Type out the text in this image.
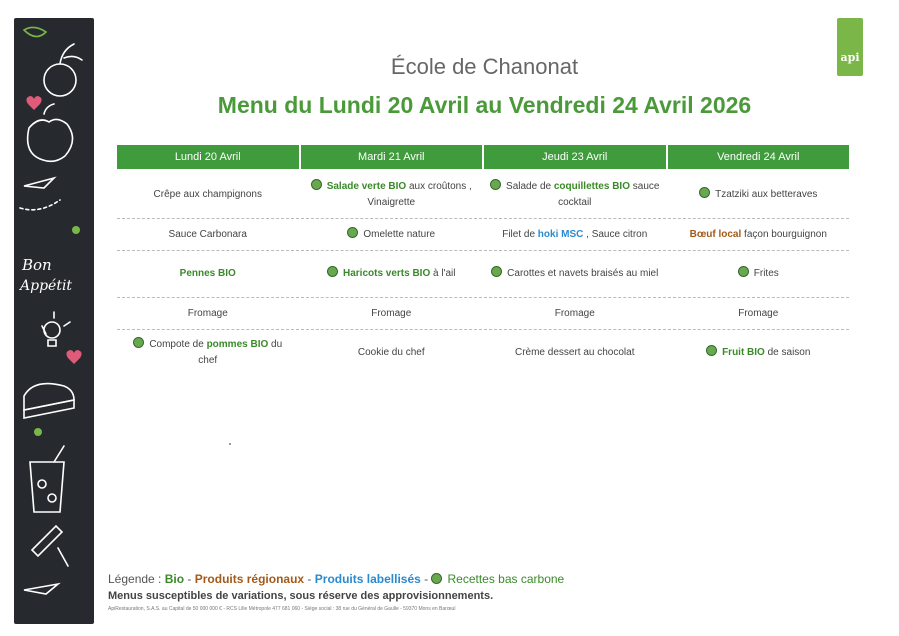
Bon
Appétit
api
École de Chanonat
Menu du Lundi 20 Avril au Vendredi 24 Avril 2026
Lundi 20 Avril	Mardi 21 Avril	Jeudi 23 Avril	Vendredi 24 Avril
Crêpe aux champignons	Salade verte BIO aux croûtons , Vinaigrette	Salade de coquillettes BIO sauce cocktail	Tzatziki aux betteraves
Sauce Carbonara	Omelette nature	Filet de hoki MSC , Sauce citron	Bœuf local façon bourguignon
Pennes BIO	Haricots verts BIO à l'ail	Carottes et navets braisés au miel	Frites
Fromage	Fromage	Fromage	Fromage
Compote de pommes BIO du chef	Cookie du chef	Crème dessert au chocolat	Fruit BIO de saison
Légende : Bio - Produits régionaux - Produits labellisés - Recettes bas carbone
Menus susceptibles de variations, sous réserve des approvisionnements.
ApiRestauration, S.A.S. au Capital de 50 000 000 € - RCS Lille Métropole 477 681 060 - Siège social : 38 rue du Général de Gaulle - 59370 Mons en Barœul
